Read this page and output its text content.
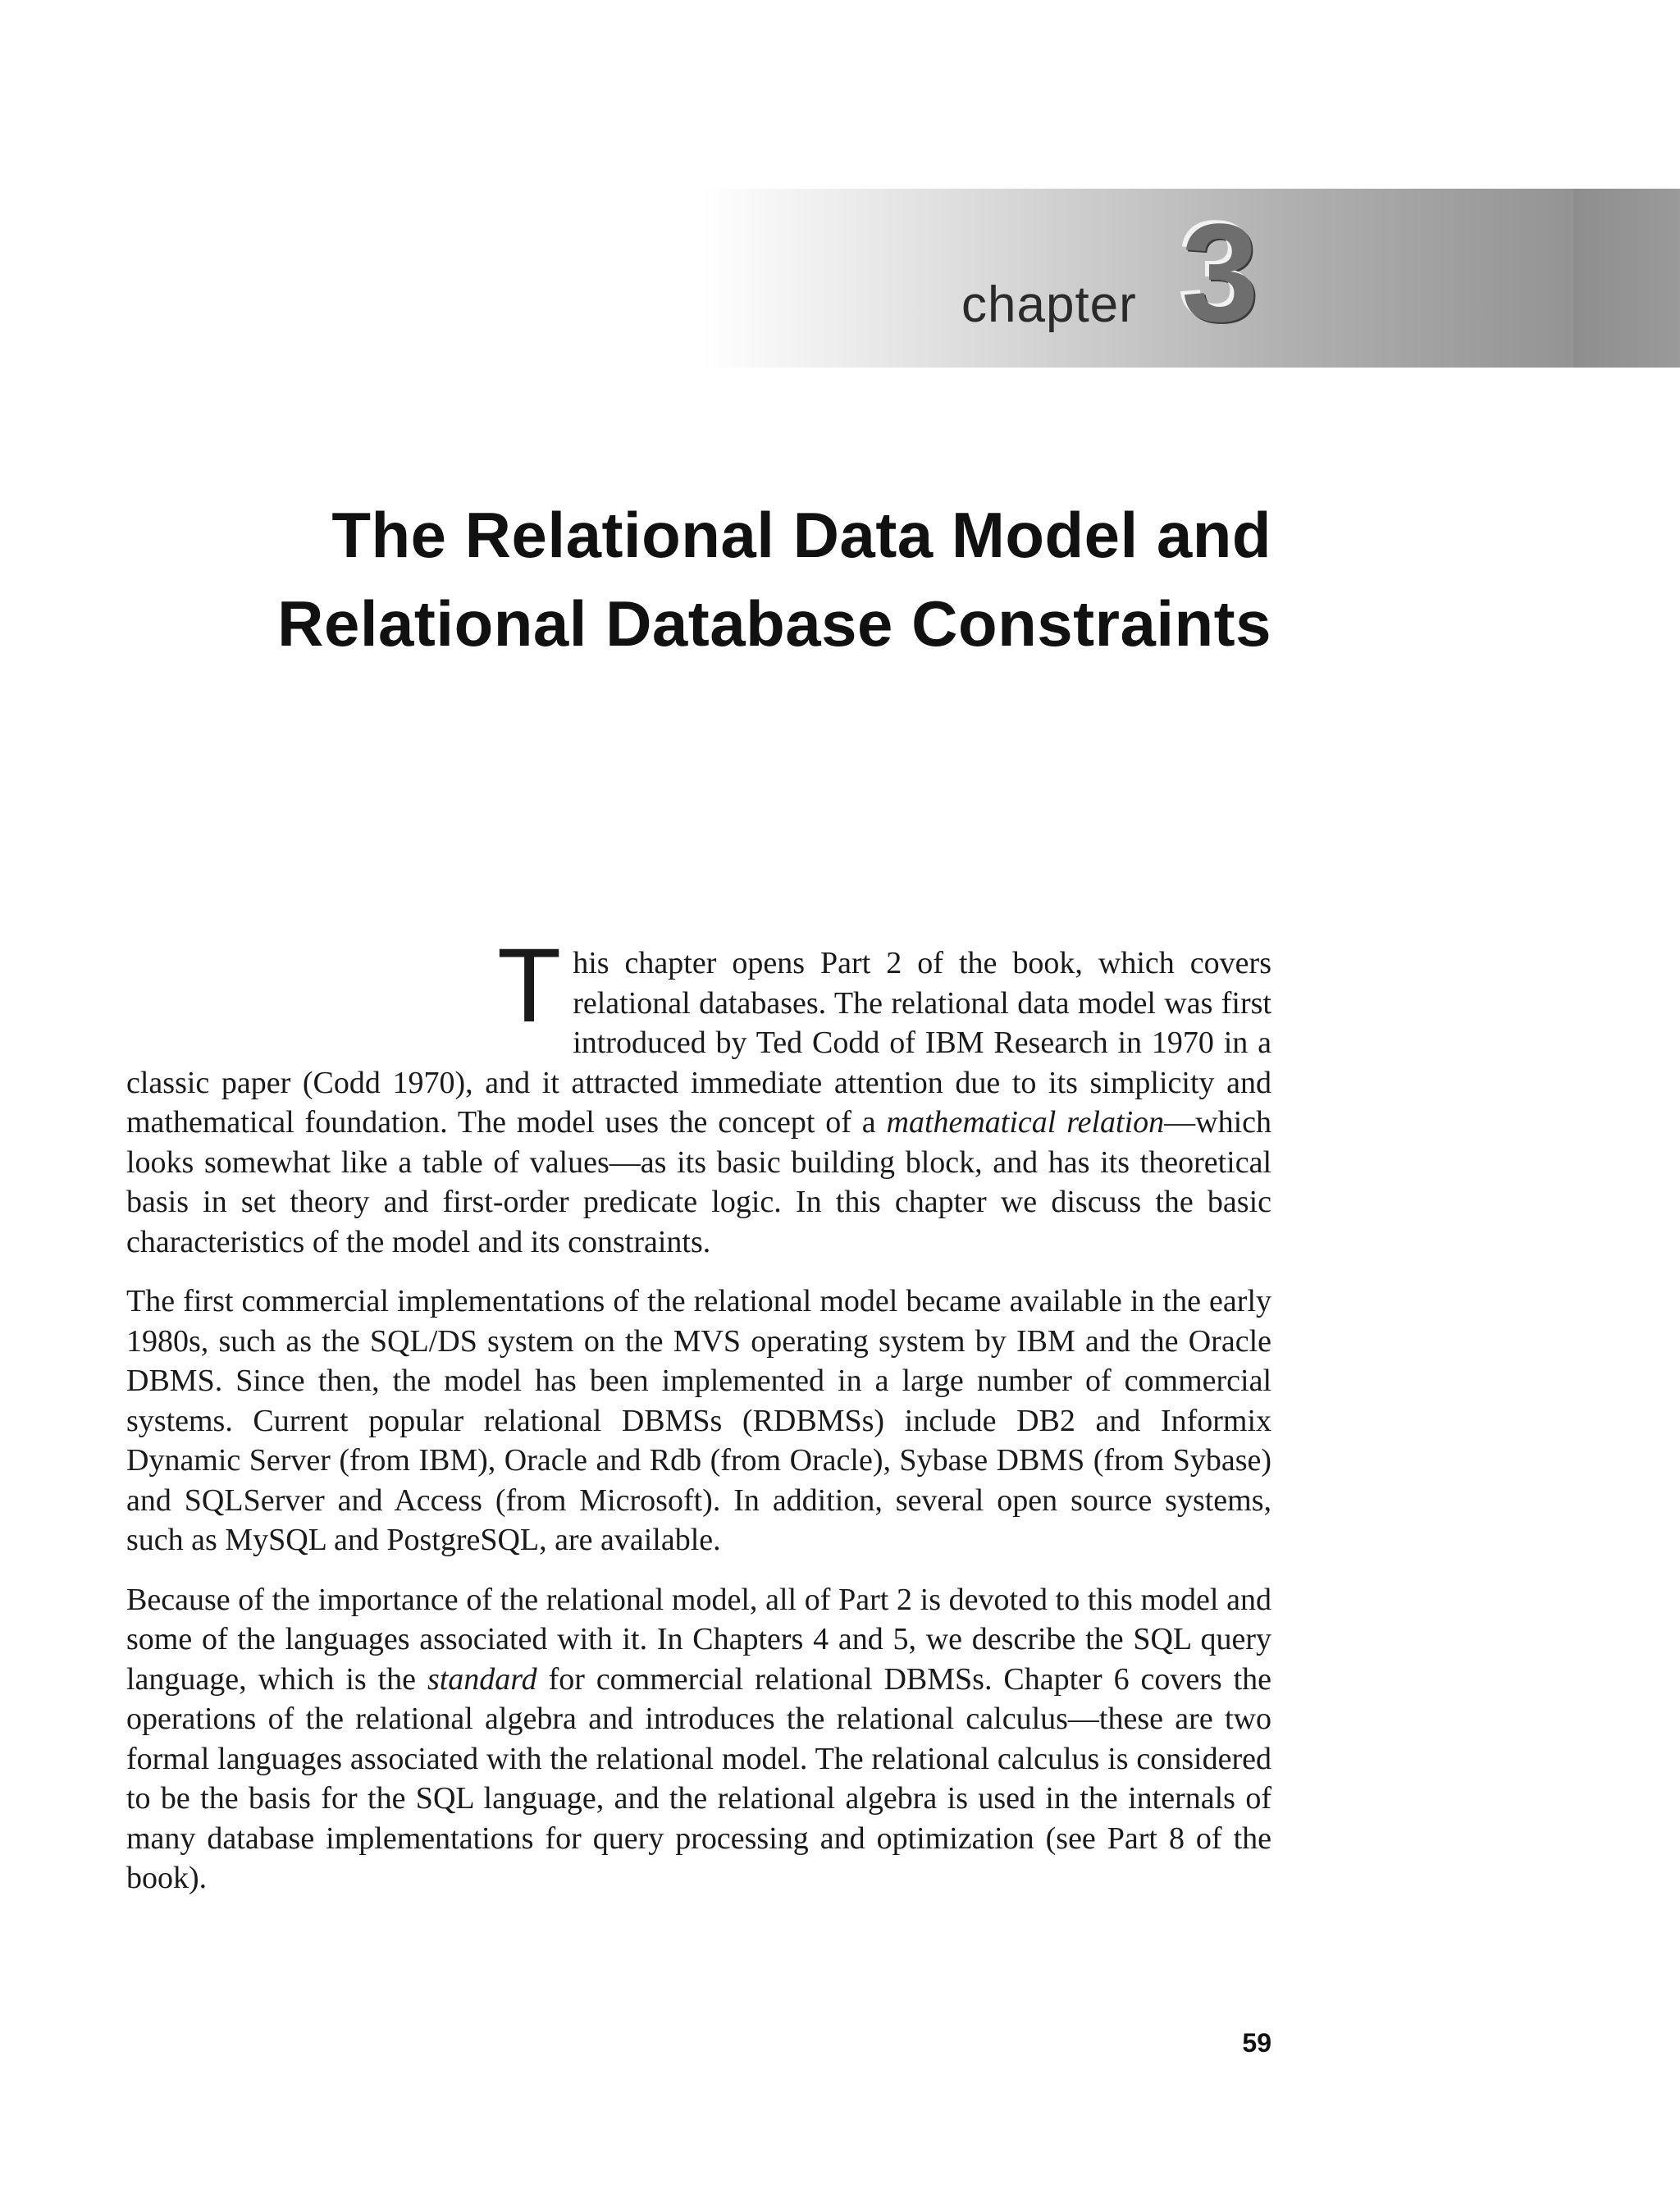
chapter 3
The Relational Data Model and
Relational Database Constraints

This chapter opens Part 2 of the book, which covers relational databases. The relational data model was first introduced by Ted Codd of IBM Research in 1970 in a classic paper (Codd 1970), and it attracted immediate attention due to its simplicity and mathematical foundation. The model uses the concept of a mathematical relation—which looks somewhat like a table of values—as its basic building block, and has its theoretical basis in set theory and first-order predicate logic. In this chapter we discuss the basic characteristics of the model and its constraints.

The first commercial implementations of the relational model became available in the early 1980s, such as the SQL/DS system on the MVS operating system by IBM and the Oracle DBMS. Since then, the model has been implemented in a large number of commercial systems. Current popular relational DBMSs (RDBMSs) include DB2 and Informix Dynamic Server (from IBM), Oracle and Rdb (from Oracle), Sybase DBMS (from Sybase) and SQLServer and Access (from Microsoft). In addition, several open source systems, such as MySQL and PostgreSQL, are available.

Because of the importance of the relational model, all of Part 2 is devoted to this model and some of the languages associated with it. In Chapters 4 and 5, we describe the SQL query language, which is the standard for commercial relational DBMSs. Chapter 6 covers the operations of the relational algebra and introduces the relational calculus—these are two formal languages associated with the relational model. The relational calculus is considered to be the basis for the SQL language, and the relational algebra is used in the internals of many database implementations for query processing and optimization (see Part 8 of the book).

59
